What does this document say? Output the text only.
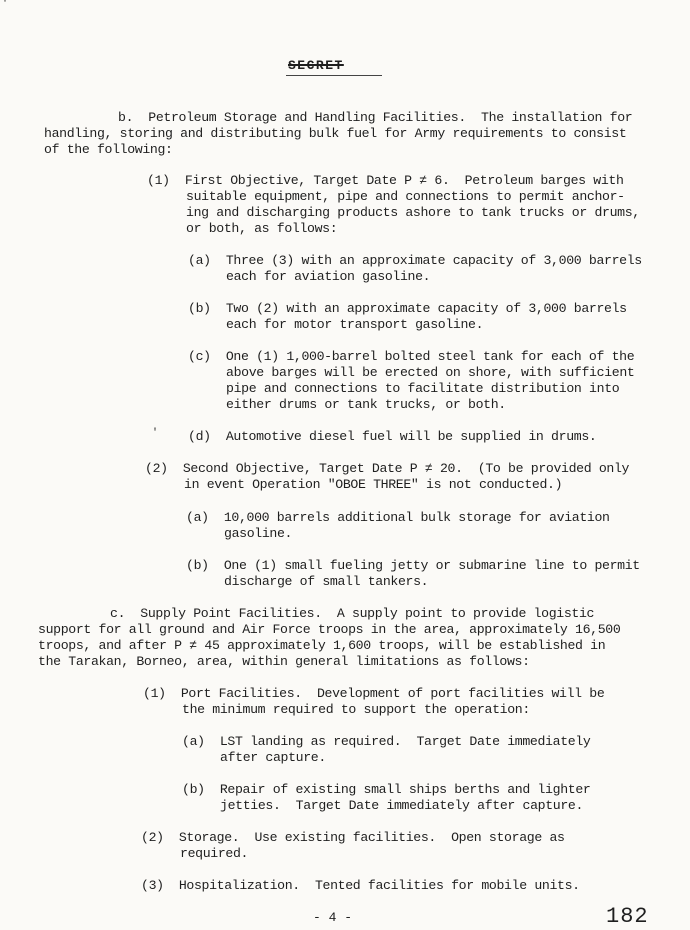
'
SECRET
b.  Petroleum Storage and Handling Facilities.  The installation for
handling, storing and distributing bulk fuel for Army requirements to consist
of the following:
(1)  First Objective, Target Date P ≠ 6.  Petroleum barges with
suitable equipment, pipe and connections to permit anchor-
ing and discharging products ashore to tank trucks or drums,
or both, as follows:
(a)  Three (3) with an approximate capacity of 3,000 barrels
each for aviation gasoline.
(b)  Two (2) with an approximate capacity of 3,000 barrels
each for motor transport gasoline.
(c)  One (1) 1,000-barrel bolted steel tank for each of the
above barges will be erected on shore, with sufficient
pipe and connections to facilitate distribution into
either drums or tank trucks, or both.
' (d)  Automotive diesel fuel will be supplied in drums.
(2)  Second Objective, Target Date P ≠ 20.  (To be provided only
in event Operation "OBOE THREE" is not conducted.)
(a)  10,000 barrels additional bulk storage for aviation
gasoline.
(b)  One (1) small fueling jetty or submarine line to permit
discharge of small tankers.
c.  Supply Point Facilities.  A supply point to provide logistic
support for all ground and Air Force troops in the area, approximately 16,500
troops, and after P ≠ 45 approximately 1,600 troops, will be established in
the Tarakan, Borneo, area, within general limitations as follows:
(1)  Port Facilities.  Development of port facilities will be
the minimum required to support the operation:
(a)  LST landing as required.  Target Date immediately
after capture.
(b)  Repair of existing small ships berths and lighter
jetties.  Target Date immediately after capture.
(2)  Storage.  Use existing facilities.  Open storage as
required.
(3)  Hospitalization.  Tented facilities for mobile units.
- 4 -	182
